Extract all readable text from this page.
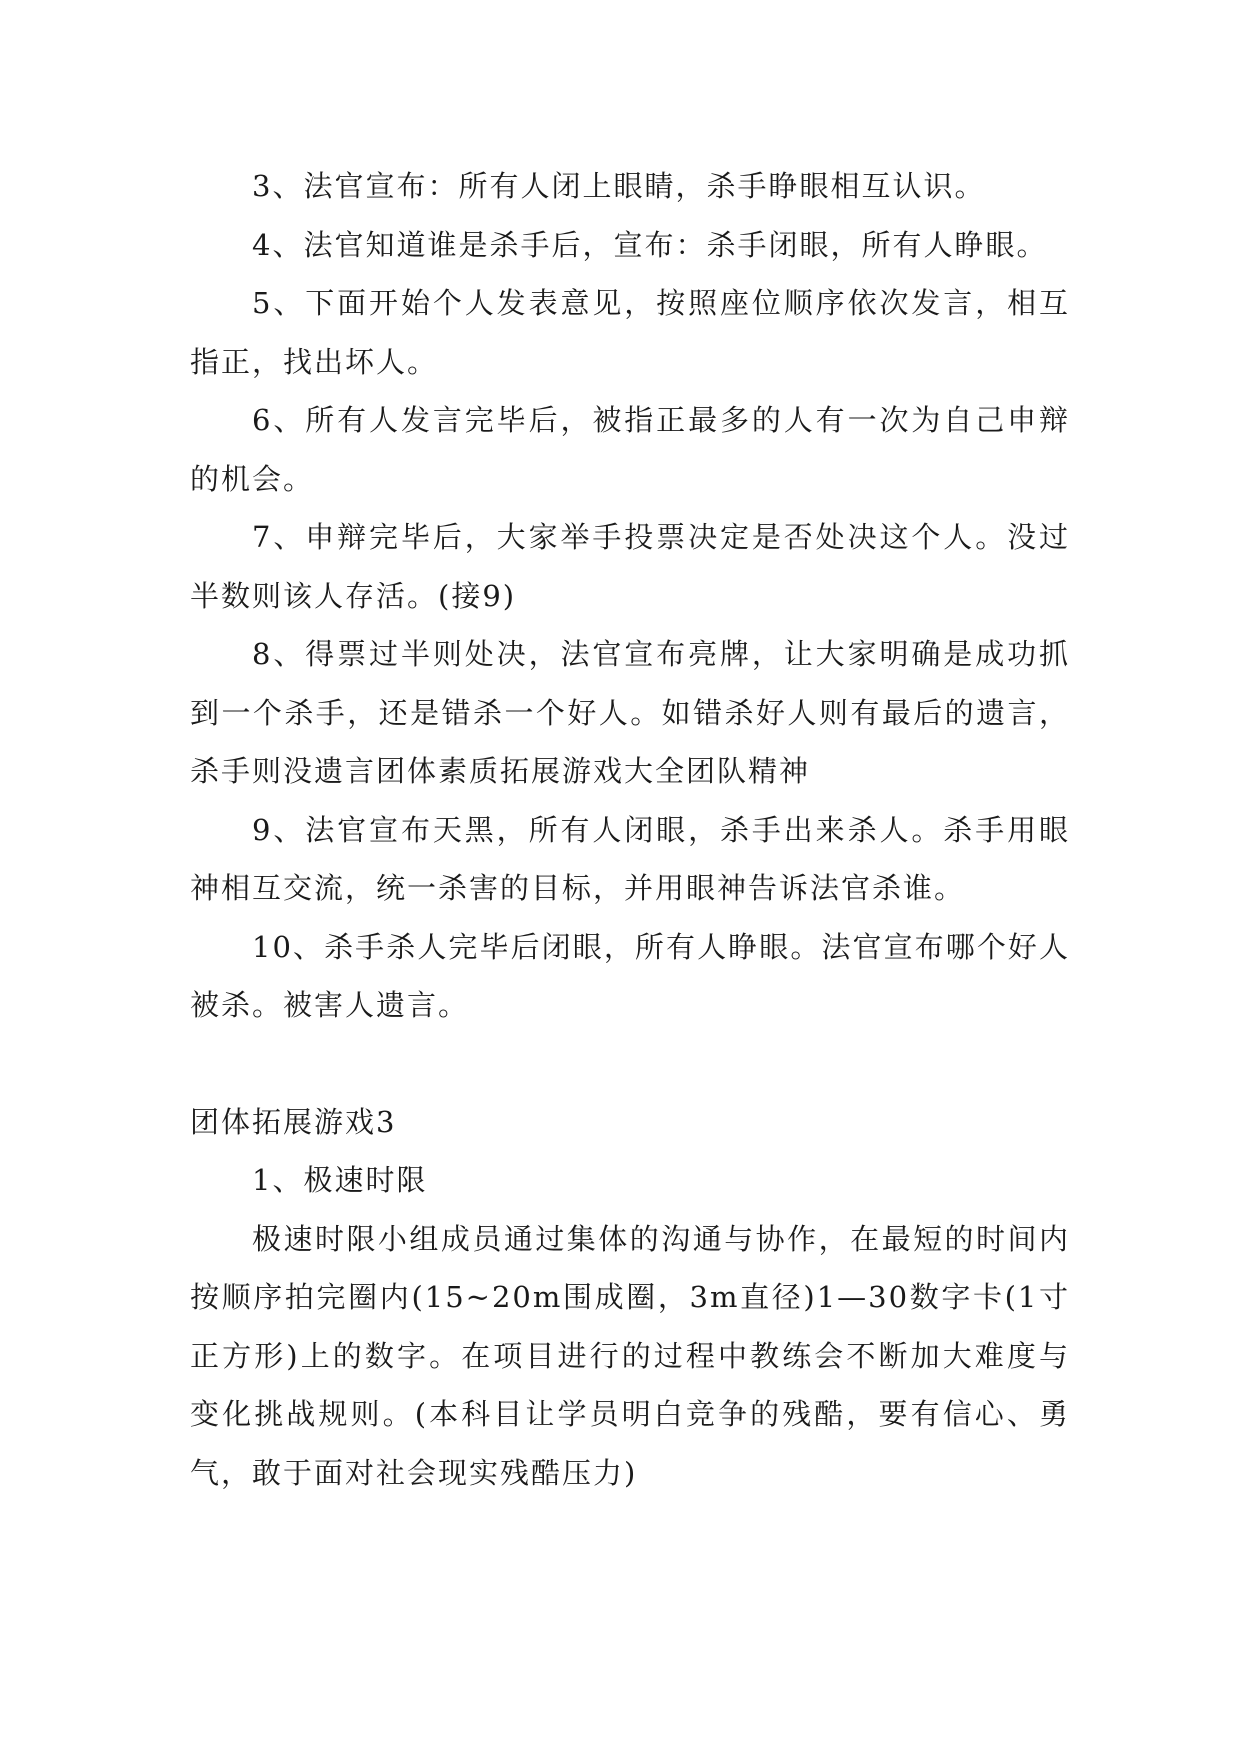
3、法官宣布：所有人闭上眼睛，杀手睁眼相互认识。

4、法官知道谁是杀手后，宣布：杀手闭眼，所有人睁眼。

5、下面开始个人发表意见，按照座位顺序依次发言，相互指正，找出坏人。

6、所有人发言完毕后，被指正最多的人有一次为自己申辩的机会。

7、申辩完毕后，大家举手投票决定是否处决这个人。没过半数则该人存活。(接9)

8、得票过半则处决，法官宣布亮牌，让大家明确是成功抓到一个杀手，还是错杀一个好人。如错杀好人则有最后的遗言，杀手则没遗言团体素质拓展游戏大全团队精神

9、法官宣布天黑，所有人闭眼，杀手出来杀人。杀手用眼神相互交流，统一杀害的目标，并用眼神告诉法官杀谁。

10、杀手杀人完毕后闭眼，所有人睁眼。法官宣布哪个好人被杀。被害人遗言。

团体拓展游戏3

1、极速时限

极速时限小组成员通过集体的沟通与协作，在最短的时间内按顺序拍完圈内(15~20m围成圈，3m直径)1—30数字卡(1寸正方形)上的数字。在项目进行的过程中教练会不断加大难度与变化挑战规则。(本科目让学员明白竞争的残酷，要有信心、勇气，敢于面对社会现实残酷压力)
